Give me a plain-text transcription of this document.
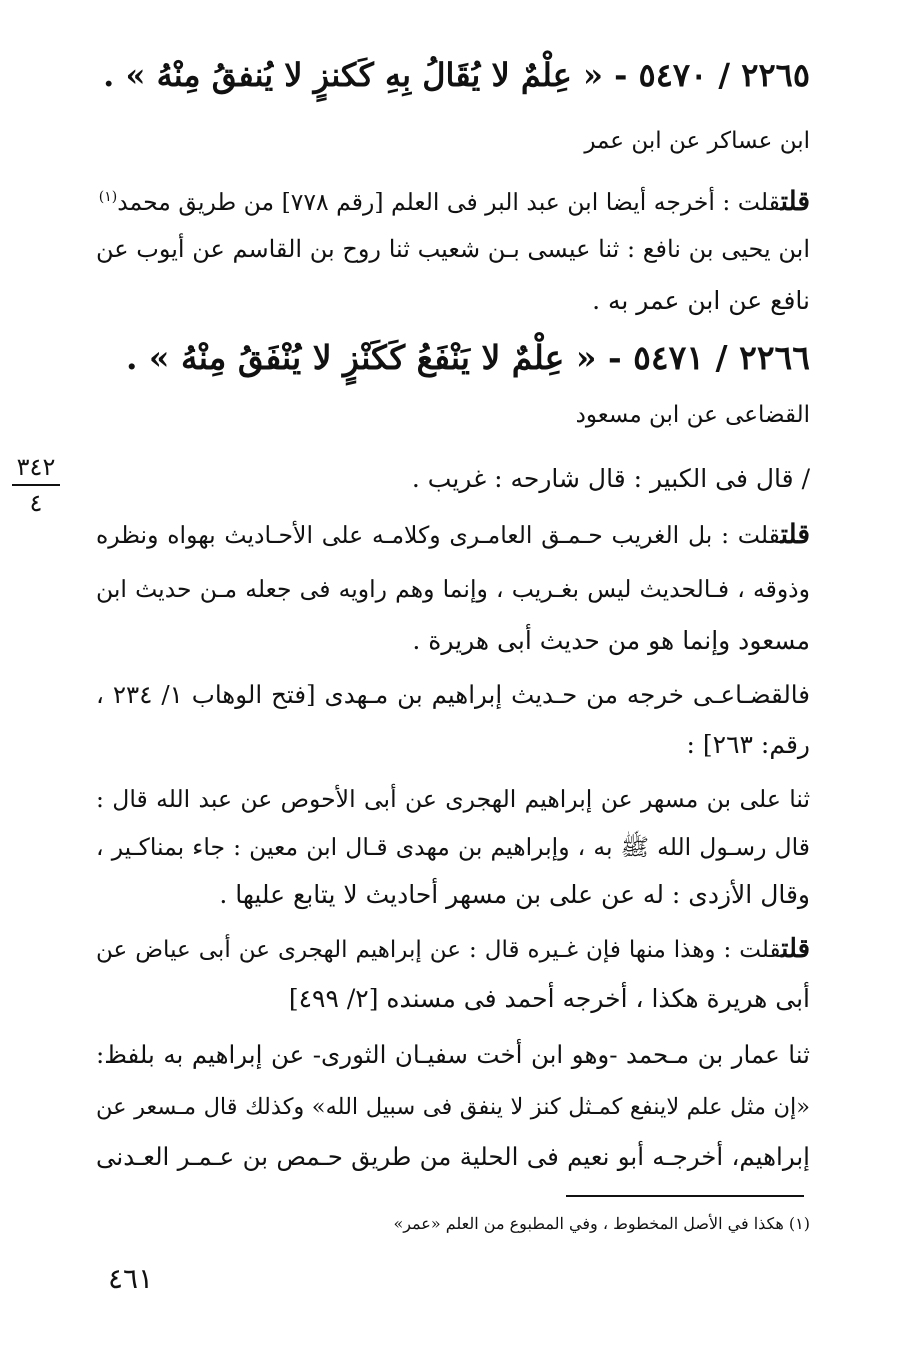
٢٢٦٥ / ٥٤٧٠ - « عِلْمٌ لا يُقَالُ بِهِ كَكنزٍ لا يُنفقُ مِنْهُ » .
ابن عساكر عن ابن عمر
قلتقلت : أخرجه أيضا ابن عبد البر فى العلم [رقم ٧٧٨] من طريق محمد$^{(١)}$
ابن يحيى بن نافع : ثنا عيسى بـن شعيب ثنا روح بن القاسم عن أيوب عن
نافع عن ابن عمر به .
٢٢٦٦ / ٥٤٧١ - « عِلْمٌ لا يَنْفَعُ كَكَنْزٍ لا يُنْفَقُ مِنْهُ » .
القضاعى عن ابن مسعود
٣٤٢
٤
/ قال فى الكبير : قال شارحه : غريب .
قلتقلت : بل الغريب حـمـق العامـرى وكلامـه على الأحـاديث بهواه ونظره
وذوقه ، فـالحديث ليس بغـريب ، وإنما وهم راويه فى جعله مـن حديث ابن
مسعود وإنما هو من حديث أبى هريرة .
فالقضـاعـى خرجه من حـديث إبراهيم بن مـهدى [فتح الوهاب ١/ ٢٣٤ ،
رقم: ٢٦٣] :
ثنا على بن مسهر عن إبراهيم الهجرى عن أبى الأحوص عن عبد الله قال :
قال رسـول الله ﷺ به ، وإبراهيم بن مهدى قـال ابن معين : جاء بمناكـير ،
وقال الأزدى : له عن على بن مسهر أحاديث لا يتابع عليها .
قلتقلت : وهذا منها فإن غـيره قال : عن إبراهيم الهجرى عن أبى عياض عن
أبى هريرة هكذا ، أخرجه أحمد فى مسنده [٢/ ٤٩٩]
ثنا عمار بن مـحمد -وهو ابن أخت سفيـان الثورى- عن إبراهيم به بلفظ:
«إن مثل علم لاينفع كمـثل كنز لا ينفق فى سبيل الله» وكذلك قال مـسعر عن
إبراهيم، أخرجـه أبو نعيم فى الحلية من طريق حـمص بن عـمـر العـدنى
(١) هكذا في الأصل المخطوط ، وفي المطبوع من العلم «عمر»
٤٦١
